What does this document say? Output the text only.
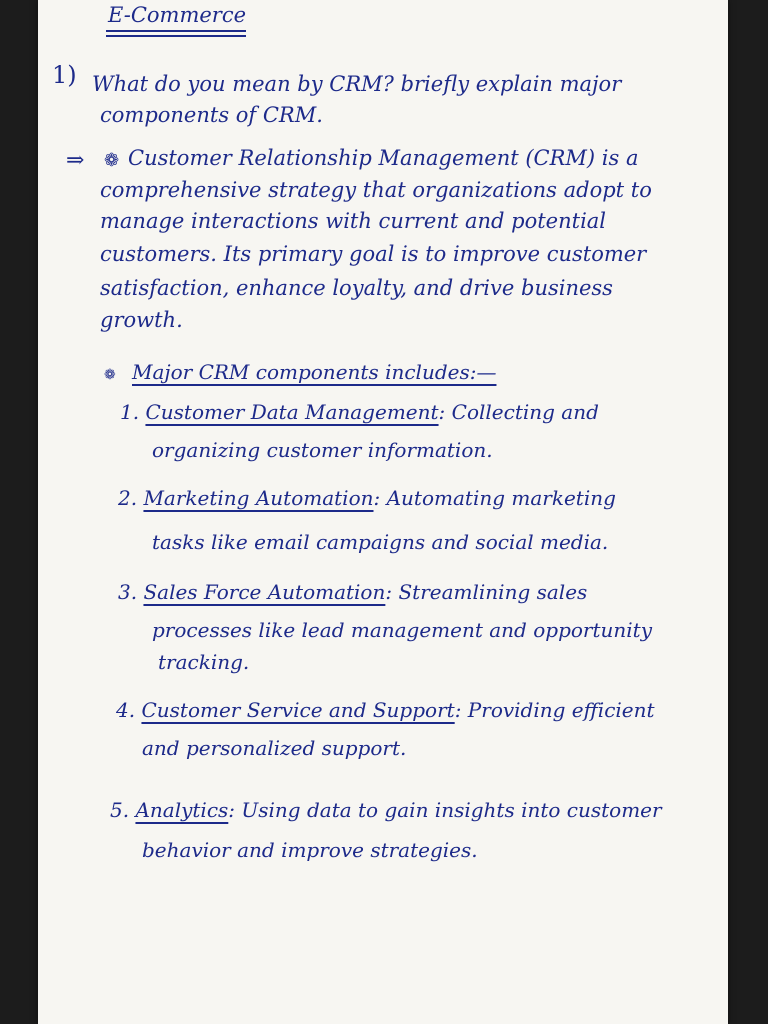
E-Commerce
1) What do you mean by CRM? briefly explain major
components of CRM.
⇒ ❁ Customer Relationship Management (CRM) is a
comprehensive strategy that organizations adopt to
manage interactions with current and potential
customers. Its primary goal is to improve customer
satisfaction, enhance loyalty, and drive business
growth.
❁ Major CRM components includes:—
1. Customer Data Management: Collecting and
organizing customer information.
2. Marketing Automation: Automating marketing
tasks like email campaigns and social media.
3. Sales Force Automation: Streamlining sales
processes like lead management and opportunity
tracking.
4. Customer Service and Support: Providing efficient
and personalized support.
5. Analytics: Using data to gain insights into customer
behavior and improve strategies.
